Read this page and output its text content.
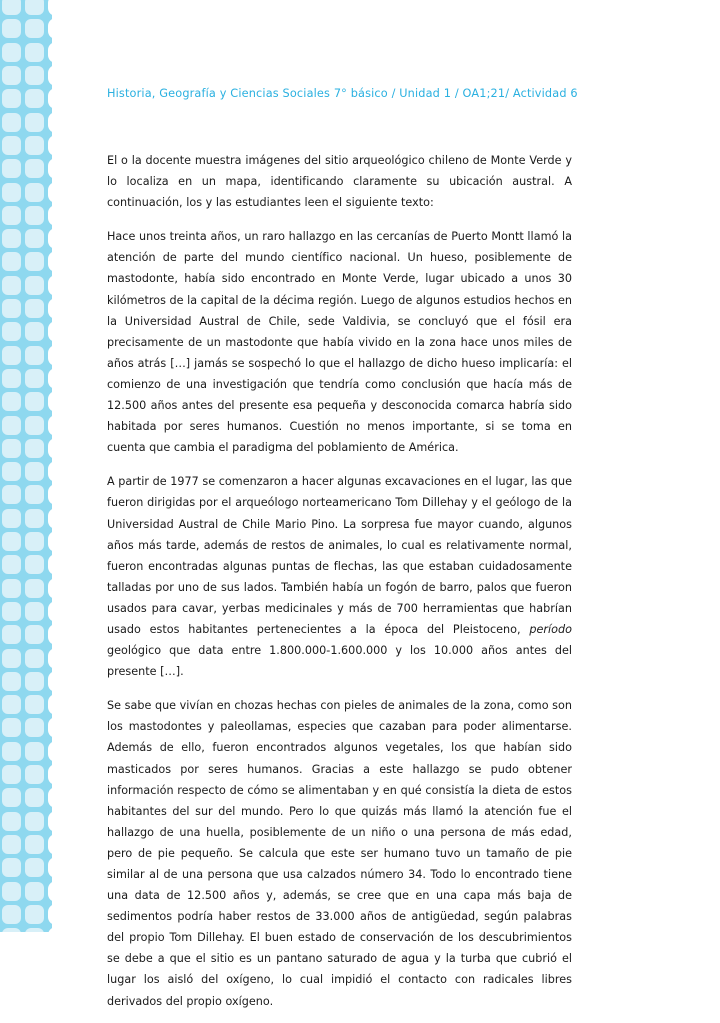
Historia, Geografía y Ciencias Sociales 7° básico / Unidad 1 / OA1;21/ Actividad 6

El o la docente muestra imágenes del sitio arqueológico chileno de Monte Verde y lo localiza en un mapa, identificando claramente su ubicación austral. A continuación, los y las estudiantes leen el siguiente texto:

Hace unos treinta años, un raro hallazgo en las cercanías de Puerto Montt llamó la atención de parte del mundo científico nacional. Un hueso, posiblemente de mastodonte, había sido encontrado en Monte Verde, lugar ubicado a unos 30 kilómetros de la capital de la décima región. Luego de algunos estudios hechos en la Universidad Austral de Chile, sede Valdivia, se concluyó que el fósil era precisamente de un mastodonte que había vivido en la zona hace unos miles de años atrás […] jamás se sospechó lo que el hallazgo de dicho hueso implicaría: el comienzo de una investigación que tendría como conclusión que hacía más de 12.500 años antes del presente esa pequeña y desconocida comarca habría sido habitada por seres humanos. Cuestión no menos importante, si se toma en cuenta que cambia el paradigma del poblamiento de América.

A partir de 1977 se comenzaron a hacer algunas excavaciones en el lugar, las que fueron dirigidas por el arqueólogo norteamericano Tom Dillehay y el geólogo de la Universidad Austral de Chile Mario Pino. La sorpresa fue mayor cuando, algunos años más tarde, además de restos de animales, lo cual es relativamente normal, fueron encontradas algunas puntas de flechas, las que estaban cuidadosamente talladas por uno de sus lados. También había un fogón de barro, palos que fueron usados para cavar, yerbas medicinales y más de 700 herramientas que habrían usado estos habitantes pertenecientes a la época del Pleistoceno, período geológico que data entre 1.800.000-1.600.000 y los 10.000 años antes del presente […].

Se sabe que vivían en chozas hechas con pieles de animales de la zona, como son los mastodontes y paleollamas, especies que cazaban para poder alimentarse. Además de ello, fueron encontrados algunos vegetales, los que habían sido masticados por seres humanos. Gracias a este hallazgo se pudo obtener información respecto de cómo se alimentaban y en qué consistía la dieta de estos habitantes del sur del mundo. Pero lo que quizás más llamó la atención fue el hallazgo de una huella, posiblemente de un niño o una persona de más edad, pero de pie pequeño. Se calcula que este ser humano tuvo un tamaño de pie similar al de una persona que usa calzados número 34. Todo lo encontrado tiene una data de 12.500 años y, además, se cree que en una capa más baja de sedimentos podría haber restos de 33.000 años de antigüedad, según palabras del propio Tom Dillehay. El buen estado de conservación de los descubrimientos se debe a que el sitio es un pantano saturado de agua y la turba que cubrió el lugar los aisló del oxígeno, lo cual impidió el contacto con radicales libres derivados del propio oxígeno.
